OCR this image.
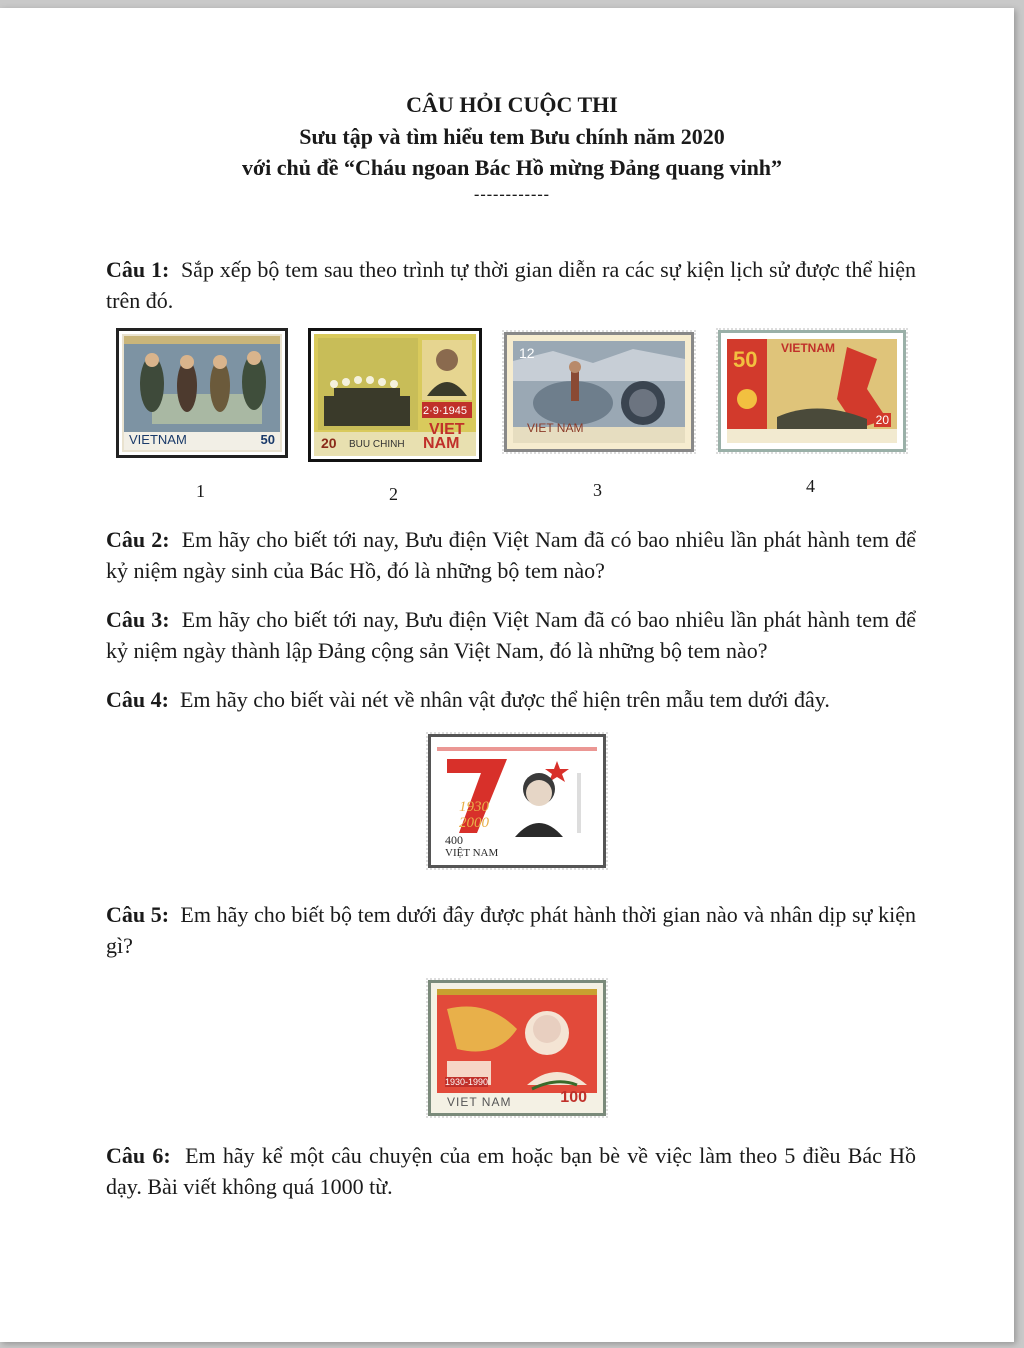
CÂU HỎI CUỘC THI
Sưu tập và tìm hiểu tem Bưu chính năm 2020
với chủ đề “Cháu ngoan Bác Hồ mừng Đảng quang vinh”
------------
Câu 1: Sắp xếp bộ tem sau theo trình tự thời gian diễn ra các sự kiện lịch sử được thể hiện trên đó.
VIETNAM	50
2·9·1945
VIET
NAM
20 BUU CHINH
12
VIET NAM
VIETNAM
50
20
1	2	3	4
Câu 2: Em hãy cho biết tới nay, Bưu điện Việt Nam đã có bao nhiêu lần phát hành tem để kỷ niệm ngày sinh của Bác Hồ, đó là những bộ tem nào?
Câu 3: Em hãy cho biết tới nay, Bưu điện Việt Nam đã có bao nhiêu lần phát hành tem để kỷ niệm ngày thành lập Đảng cộng sản Việt Nam, đó là những bộ tem nào?
Câu 4: Em hãy cho biết vài nét về nhân vật được thể hiện trên mẫu tem dưới đây.
1930
2000
400
VIỆT NAM
Câu 5: Em hãy cho biết bộ tem dưới đây được phát hành thời gian nào và nhân dịp sự kiện gì?
1930-1990
VIET NAM	100
Câu 6: Em hãy kể một câu chuyện của em hoặc bạn bè về việc làm theo 5 điều Bác Hồ dạy. Bài viết không quá 1000 từ.
